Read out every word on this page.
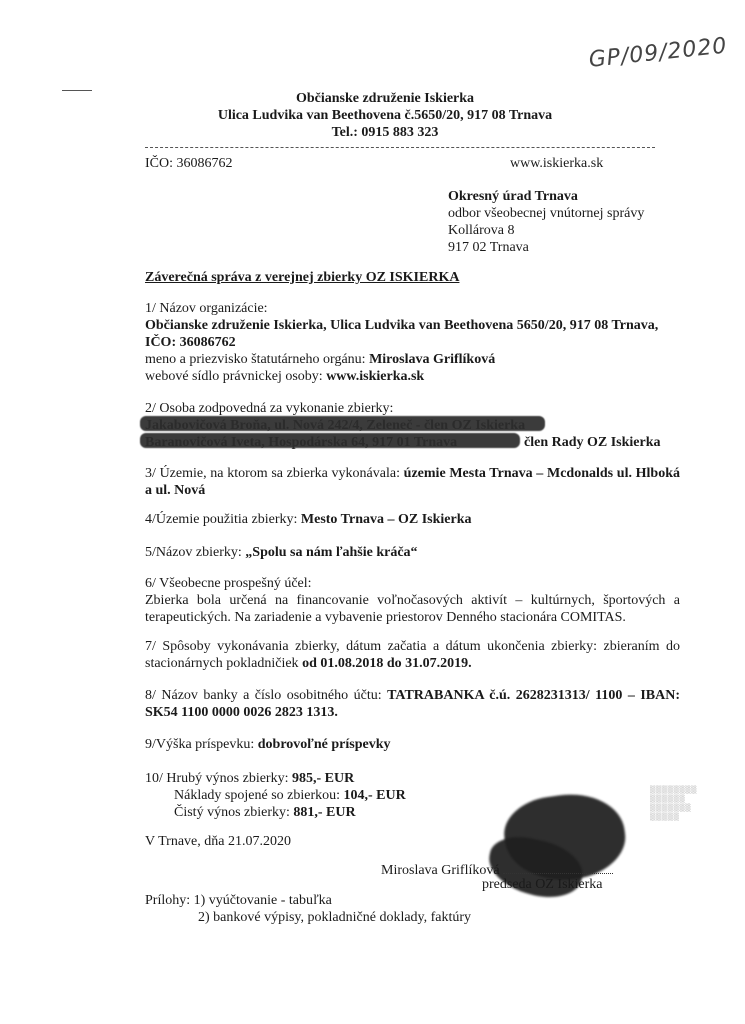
GP/09/2020
Občianske združenie Iskierka
Ulica Ludvika van Beethovena č.5650/20, 917 08 Trnava
Tel.: 0915 883 323
IČO: 36086762	www.iskierka.sk
Okresný úrad Trnava
odbor všeobecnej vnútornej správy
Kollárova 8
917 02 Trnava
Záverečná správa z verejnej zbierky OZ ISKIERKA
1/ Názov organizácie:
Občianske združenie Iskierka, Ulica Ludvika van Beethovena 5650/20, 917 08 Trnava,
IČO: 36086762
meno a priezvisko štatutárneho orgánu: Miroslava Griflíková
webové sídlo právnickej osoby: www.iskierka.sk
2/ Osoba zodpovedná za vykonanie zbierky:
člen Rady OZ Iskierka
3/ Územie, na ktorom sa zbierka vykonávala: územie Mesta Trnava – Mcdonalds ul. Hlboká a ul. Nová
4/Územie použitia zbierky: Mesto Trnava – OZ Iskierka
5/Názov zbierky: „Spolu sa nám ľahšie kráča“
6/ Všeobecne prospešný účel:
Zbierka bola určená na financovanie voľnočasových aktivít – kultúrnych, športových a terapeutických. Na zariadenie a vybavenie priestorov Denného stacionára COMITAS.
7/ Spôsoby vykonávania zbierky, dátum začatia a dátum ukončenia zbierky: zbieraním do stacionárnych pokladničiek od 01.08.2018 do 31.07.2019.
8/ Názov banky a číslo osobitného účtu: TATRABANKA č.ú. 2628231313/ 1100 – IBAN: SK54 1100 0000 0026 2823 1313.
9/Výška príspevku: dobrovoľné príspevky
10/ Hrubý výnos zbierky: 985,- EUR
Náklady spojené so zbierkou: 104,- EUR
Čistý výnos zbierky: 881,- EUR
▒▒▒▒▒▒▒▒
▒▒▒▒▒▒
▒▒▒▒▒▒▒
▒▒▒▒▒
V Trnave, dňa 21.07.2020
Miroslava Griflíková
predseda OZ Iskierka
Prílohy: 1) vyúčtovanie - tabuľka
2) bankové výpisy, pokladničné doklady, faktúry
